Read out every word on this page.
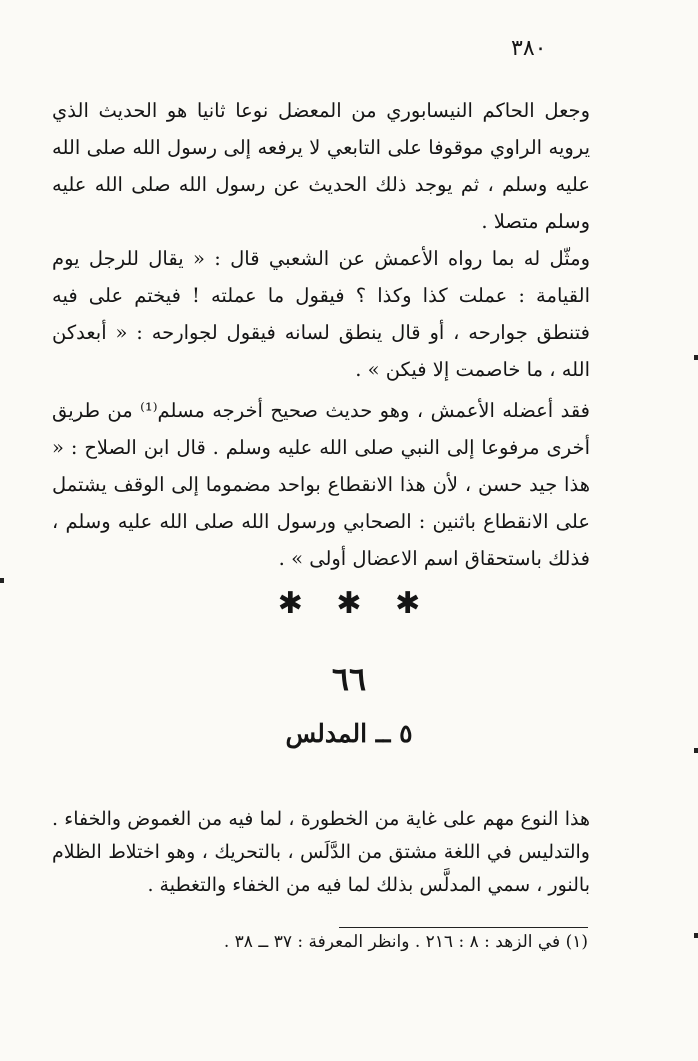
٣٨٠

وجعل الحاكم النيسابوري من المعضل نوعا ثانيا هو الحديث الذي يرويه الراوي موقوفا على التابعي لا يرفعه إلى رسول الله صلى الله عليه وسلم ، ثم يوجد ذلك الحديث عن رسول الله صلى الله عليه وسلم متصلا .

ومثّل له بما رواه الأعمش عن الشعبي قال : « يقال للرجل يوم القيامة : عملت كذا وكذا ؟ فيقول ما عملته ! فيختم على فيه فتنطق جوارحه ، أو قال ينطق لسانه فيقول لجوارحه : « أبعدكن الله ، ما خاصمت إلا فيكن » .

فقد أعضله الأعمش ، وهو حديث صحيح أخرجه مسلم⁽¹⁾ من طريق أخرى مرفوعا إلى النبي صلى الله عليه وسلم . قال ابن الصلاح : « هذا جيد حسن ، لأن هذا الانقطاع بواحد مضموما إلى الوقف يشتمل على الانقطاع باثنين : الصحابي ورسول الله صلى الله عليه وسلم ، فذلك باستحقاق اسم الاعضال أولى » .

✱ ✱ ✱
٦٦
٥ ــ المدلس

هذا النوع مهم على غاية من الخطورة ، لما فيه من الغموض والخفاء . والتدليس في اللغة مشتق من الدَّلَس ، بالتحريك ، وهو اختلاط الظلام بالنور ، سمي المدلَّس بذلك لما فيه من الخفاء والتغطية .

(١) في الزهد : ٨ : ٢١٦ . وانظر المعرفة : ٣٧ ــ ٣٨ .
